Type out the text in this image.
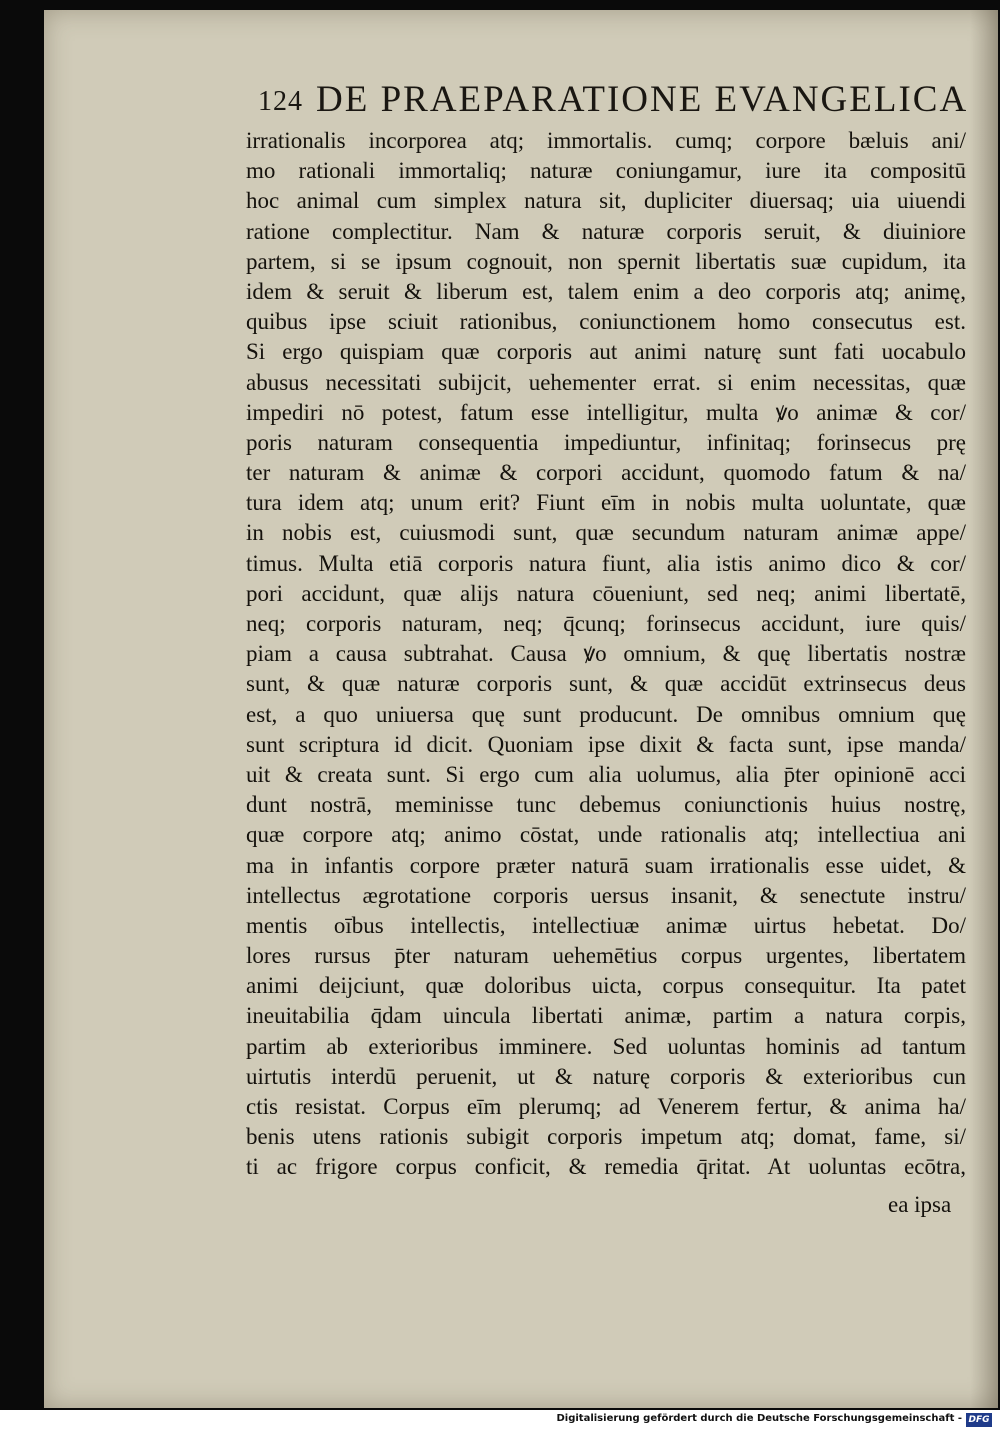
124 DE PRAEPARATIONE EVANGELICA
irrationalis incorporea atq; immortalis. cumq; corpore bæluis ani/
mo rationali immortaliq; naturæ coniungamur, iure ita compositū
hoc animal cum simplex natura sit, dupliciter diuersaq; uia uiuendi
ratione complectitur. Nam & naturæ corporis seruit, & diuiniore
partem, si se ipsum cognouit, non spernit libertatis suæ cupidum, ita
idem & seruit & liberum est, talem enim a deo corporis atq; animę,
quibus ipse sciuit rationibus, coniunctionem homo consecutus est.
Si ergo quispiam quæ corporis aut animi naturę sunt fati uocabulo
abusus necessitati subijcit, uehementer errat. si enim necessitas, quæ
impediri nō potest, fatum esse intelligitur, multa ꝟo animæ & cor/
poris naturam consequentia impediuntur, infinitaq; forinsecus prę
ter naturam & animæ & corpori accidunt, quomodo fatum & na/
tura idem atq; unum erit? Fiunt eīm in nobis multa uoluntate, quæ
in nobis est, cuiusmodi sunt, quæ secundum naturam animæ appe/
timus. Multa etiā corporis natura fiunt, alia istis animo dico & cor/
pori accidunt, quæ alijs natura cōueniunt, sed neq; animi libertatē,
neq; corporis naturam, neq; q̄cunq; forinsecus accidunt, iure quis/
piam a causa subtrahat. Causa ꝟo omnium, & quę libertatis nostræ
sunt, & quæ naturæ corporis sunt, & quæ accidūt extrinsecus deus
est, a quo uniuersa quę sunt producunt. De omnibus omnium quę
sunt scriptura id dicit. Quoniam ipse dixit & facta sunt, ipse manda/
uit & creata sunt. Si ergo cum alia uolumus, alia p̄ter opinionē acci
dunt nostrā, meminisse tunc debemus coniunctionis huius nostrę,
quæ corpore atq; animo cōstat, unde rationalis atq; intellectiua ani
ma in infantis corpore præter naturā suam irrationalis esse uidet, &
intellectus ægrotatione corporis uersus insanit, & senectute instru/
mentis oībus intellectis, intellectiuæ animæ uirtus hebetat. Do/
lores rursus p̄ter naturam uehemētius corpus urgentes, libertatem
animi deijciunt, quæ doloribus uicta, corpus consequitur. Ita patet
ineuitabilia q̄dam uincula libertati animæ, partim a natura corpis,
partim ab exterioribus imminere. Sed uoluntas hominis ad tantum
uirtutis interdū peruenit, ut & naturę corporis & exterioribus cun
ctis resistat. Corpus eīm plerumq; ad Venerem fertur, & anima ha/
benis utens rationis subigit corporis impetum atq; domat, fame, si/
ti ac frigore corpus conficit, & remedia q̄ritat. At uoluntas ecōtra,
ea ipsa
Digitalisierung gefördert durch die Deutsche Forschungsgemeinschaft - DFG
